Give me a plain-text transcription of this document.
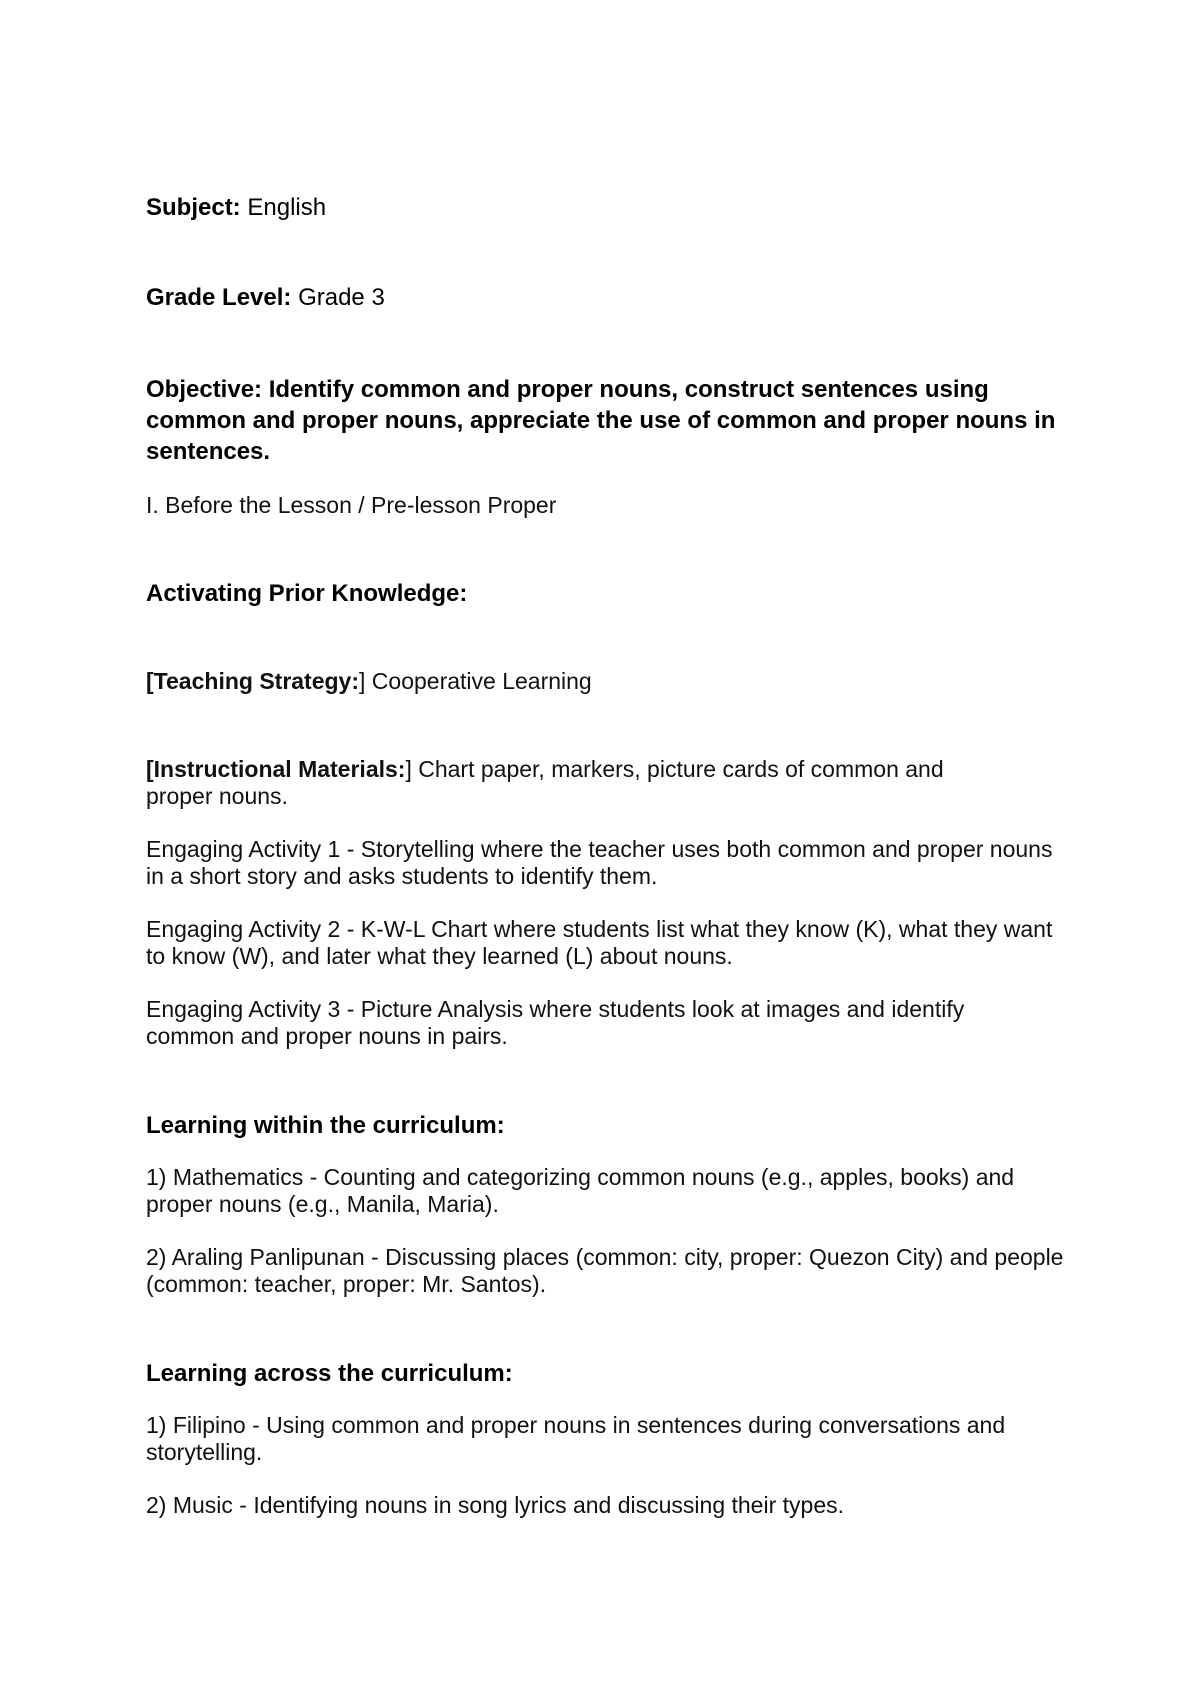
Subject: English

Grade Level: Grade 3

Objective: Identify common and proper nouns, construct sentences using common and proper nouns, appreciate the use of common and proper nouns in sentences.

I. Before the Lesson / Pre-lesson Proper

Activating Prior Knowledge:

[Teaching Strategy:] Cooperative Learning

[Instructional Materials:] Chart paper, markers, picture cards of common and proper nouns.

Engaging Activity 1 - Storytelling where the teacher uses both common and proper nouns in a short story and asks students to identify them.

Engaging Activity 2 - K-W-L Chart where students list what they know (K), what they want to know (W), and later what they learned (L) about nouns.

Engaging Activity 3 - Picture Analysis where students look at images and identify common and proper nouns in pairs.

Learning within the curriculum:

1) Mathematics - Counting and categorizing common nouns (e.g., apples, books) and proper nouns (e.g., Manila, Maria).

2) Araling Panlipunan - Discussing places (common: city, proper: Quezon City) and people (common: teacher, proper: Mr. Santos).

Learning across the curriculum:

1) Filipino - Using common and proper nouns in sentences during conversations and storytelling.

2) Music - Identifying nouns in song lyrics and discussing their types.
